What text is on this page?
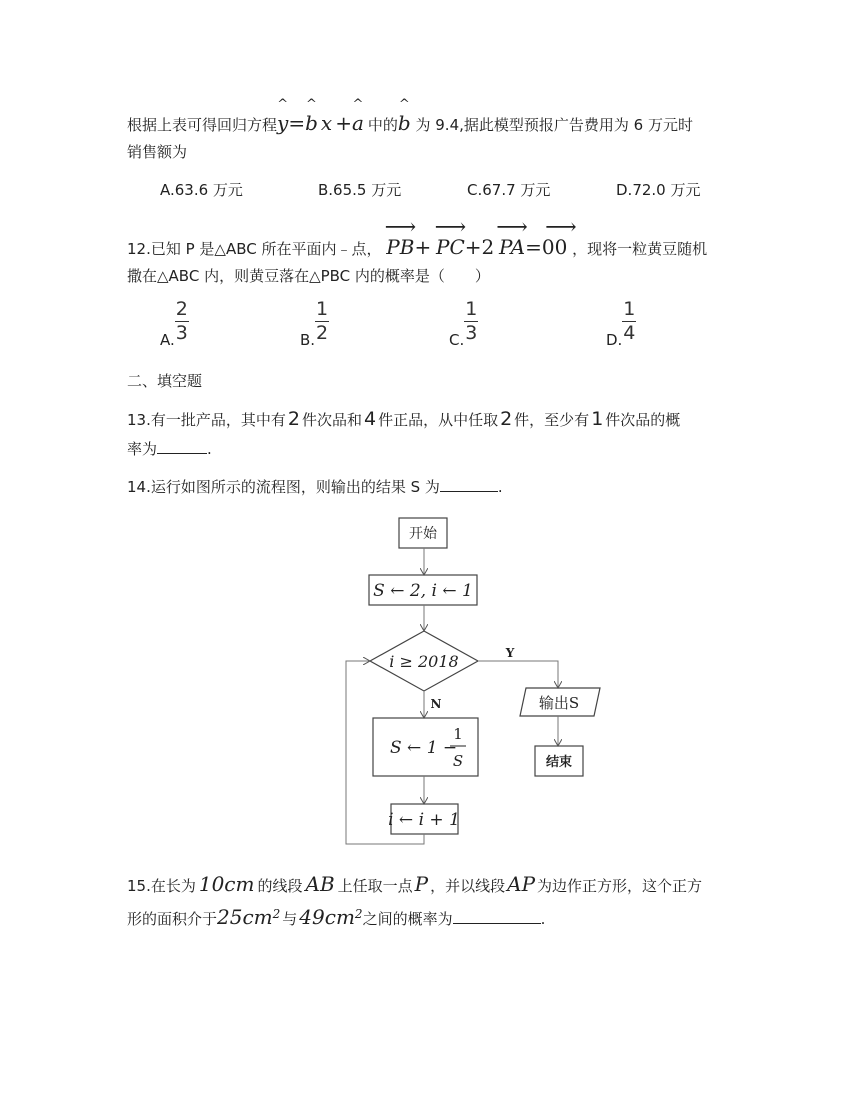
根据上表可得回归方程^ y=^ b x +^ a 中的^ b 为 9.4,据此模型预报广告费用为 6 万元时
销售额为
A.63.6 万元	B.65.5 万元	C.67.7 万元	D.72.0 万元
12.已知 P 是△ABC 所在平面内﹣点， ⟶ PB+ ⟶ PC+2 ⟶ PA=0⟶ 0 ，现将一粒黄豆随机
撒在△ABC 内，则黄豆落在△PBC 内的概率是（　　）
A. $\frac{2}{3}$	B. $\frac{1}{2}$	C. $\frac{1}{3}$	D. $\frac{1}{4}$
二、填空题
13.有一批产品，其中有 2 件次品和 4 件正品，从中任取 2 件，至少有 1 件次品的概
率为	.
14.运行如图所示的流程图，则输出的结果 S 为	.
开始
S ← 2, i ← 1
i ≥ 2018	Y
N
S ← 1 −
1
S
i ← i + 1
输出S
结束
15.在长为 10cm 的线段 AB 上任取一点 P ，并以线段 AP 为边作正方形，这个正方
形的面积介于$25cm^2$ 与 $49cm^2$之间的概率为	.
